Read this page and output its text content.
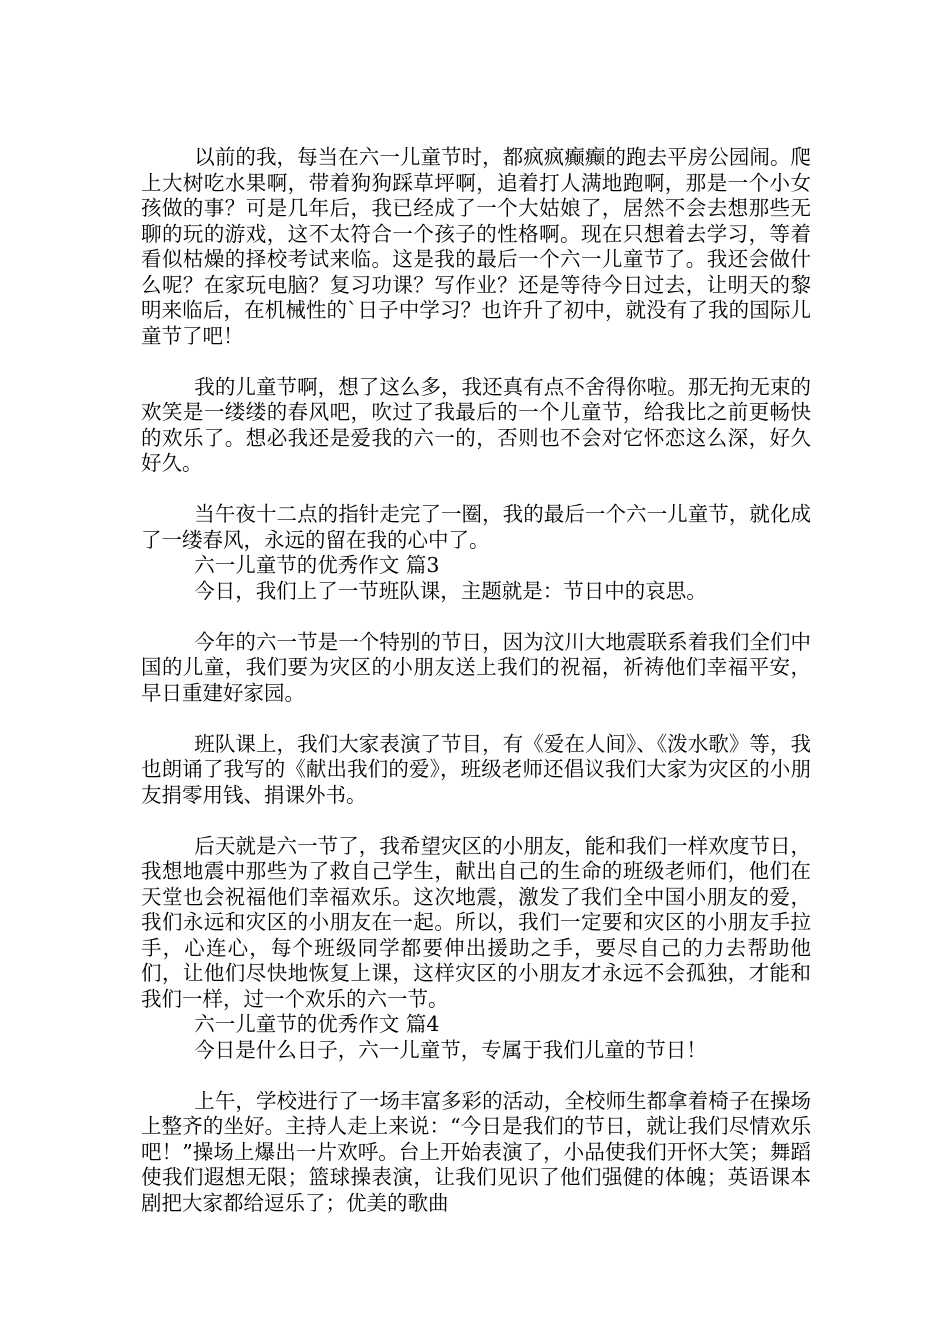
以前的我，每当在六一儿童节时，都疯疯癫癫的跑去平房公园闹。爬上大树吃水果啊，带着狗狗踩草坪啊，追着打人满地跑啊，那是一个小女孩做的事？可是几年后，我已经成了一个大姑娘了，居然不会去想那些无聊的玩的游戏，这不太符合一个孩子的性格啊。现在只想着去学习，等着看似枯燥的择校考试来临。这是我的最后一个六一儿童节了。我还会做什么呢？在家玩电脑？复习功课？写作业？还是等待今日过去，让明天的黎明来临后，在机械性的`日子中学习？也许升了初中，就没有了我的国际儿童节了吧！

我的儿童节啊，想了这么多，我还真有点不舍得你啦。那无拘无束的欢笑是一缕缕的春风吧，吹过了我最后的一个儿童节，给我比之前更畅快的欢乐了。想必我还是爱我的六一的，否则也不会对它怀恋这么深，好久好久。

当午夜十二点的指针走完了一圈，我的最后一个六一儿童节，就化成了一缕春风，永远的留在我的心中了。

六一儿童节的优秀作文 篇3

今日，我们上了一节班队课，主题就是：节日中的哀思。

今年的六一节是一个特别的节日，因为汶川大地震联系着我们全们中国的儿童，我们要为灾区的小朋友送上我们的祝福，祈祷他们幸福平安，早日重建好家园。

班队课上，我们大家表演了节目，有《爱在人间》、《泼水歌》等，我也朗诵了我写的《献出我们的爱》，班级老师还倡议我们大家为灾区的小朋友捐零用钱、捐课外书。

后天就是六一节了，我希望灾区的小朋友，能和我们一样欢度节日，我想地震中那些为了救自己学生，献出自己的生命的班级老师们，他们在天堂也会祝福他们幸福欢乐。这次地震，激发了我们全中国小朋友的爱，我们永远和灾区的小朋友在一起。所以，我们一定要和灾区的小朋友手拉手，心连心，每个班级同学都要伸出援助之手，要尽自己的力去帮助他们，让他们尽快地恢复上课，这样灾区的小朋友才永远不会孤独，才能和我们一样，过一个欢乐的六一节。

六一儿童节的优秀作文 篇4

今日是什么日子，六一儿童节，专属于我们儿童的节日！

上午，学校进行了一场丰富多彩的活动，全校师生都拿着椅子在操场上整齐的坐好。主持人走上来说：“今日是我们的节日，就让我们尽情欢乐吧！”操场上爆出一片欢呼。台上开始表演了，小品使我们开怀大笑；舞蹈使我们遐想无限；篮球操表演，让我们见识了他们强健的体魄；英语课本剧把大家都给逗乐了；优美的歌曲
